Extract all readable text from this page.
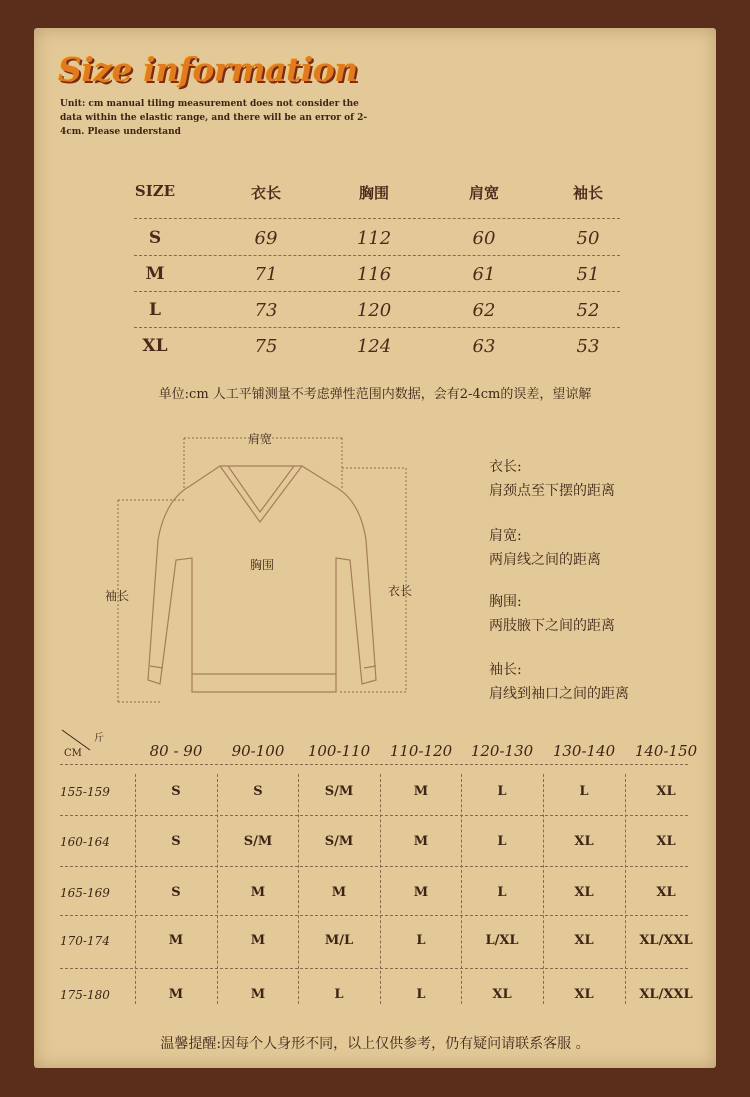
Size information
Unit: cm manual tiling measurement does not consider the data within the elastic range, and there will be an error of 2-4cm. Please understand
SIZE	衣长	胸围	肩宽	袖长
S	69	112	60	50
M	71	116	61	51
L	73	120	62	52
XL	75	124	63	53
单位:cm 人工平铺测量不考虑弹性范围内数据，会有2-4cm的误差，望谅解
肩宽
胸围
袖长	衣长
衣长:
肩颈点至下摆的距离
肩宽:
两肩线之间的距离
胸围:
两肢腋下之间的距离
袖长:
肩线到袖口之间的距离
CM
斤
80 - 90	90-100	100-110	110-120	120-130	130-140	140-150
155-159	S	S	S/M	M	L	L	XL
160-164	S	S/M	S/M	M	L	XL	XL
165-169	S	M	M	M	L	XL	XL
170-174	M	M	M/L	L	L/XL	XL	XL/XXL
175-180	M	M	L	L	XL	XL	XL/XXL
温馨提醒:因每个人身形不同，以上仅供参考，仍有疑问请联系客服 。
